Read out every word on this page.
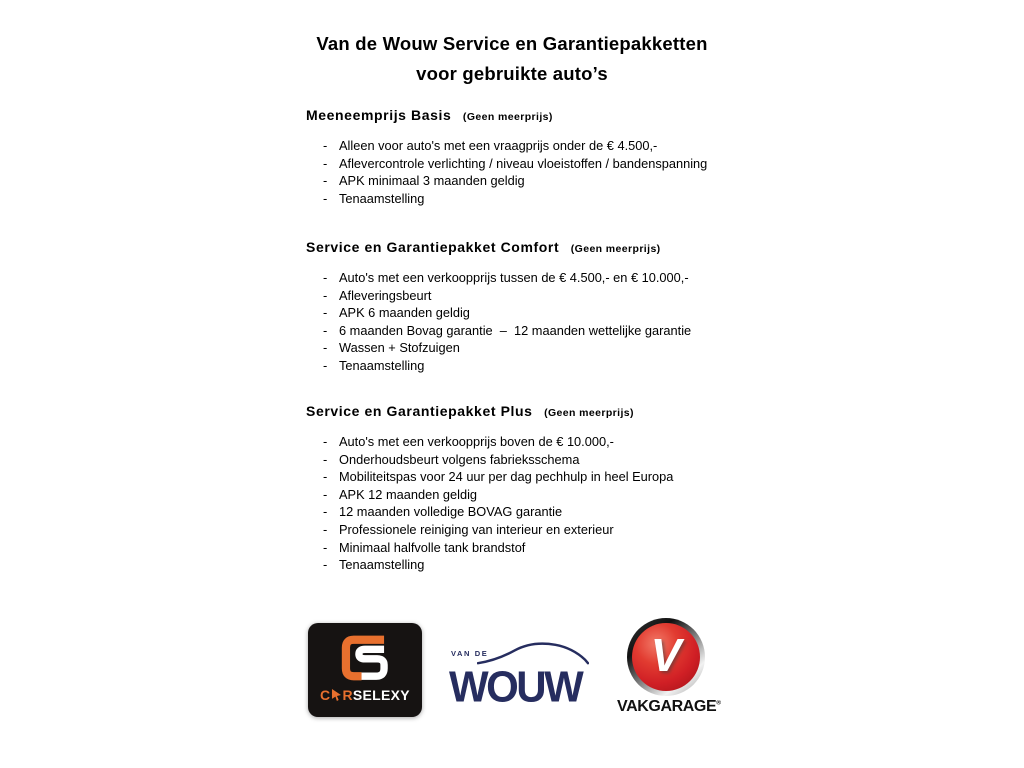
Van de Wouw Service en Garantiepakketten
voor gebruikte auto’s
Meeneemprijs Basis (Geen meerprijs)
- Alleen voor auto's met een vraagprijs onder de € 4.500,-
- Aflevercontrole verlichting / niveau vloeistoffen / bandenspanning
- APK minimaal 3 maanden geldig
- Tenaamstelling
Service en Garantiepakket Comfort (Geen meerprijs)
- Auto's met een verkoopprijs tussen de € 4.500,- en € 10.000,-
- Afleveringsbeurt
- APK 6 maanden geldig
- 6 maanden Bovag garantie  –  12 maanden wettelijke garantie
- Wassen + Stofzuigen
- Tenaamstelling
Service en Garantiepakket Plus (Geen meerprijs)
- Auto's met een verkoopprijs boven de € 10.000,-
- Onderhoudsbeurt volgens fabrieksschema
- Mobiliteitspas voor 24 uur per dag pechhulp in heel Europa
- APK 12 maanden geldig
- 12 maanden volledige BOVAG garantie
- Professionele reiniging van interieur en exterieur
- Minimaal halfvolle tank brandstof
- Tenaamstelling
C R SELEXY
VAN DE
WOUW
V
VAKGARAGE®
